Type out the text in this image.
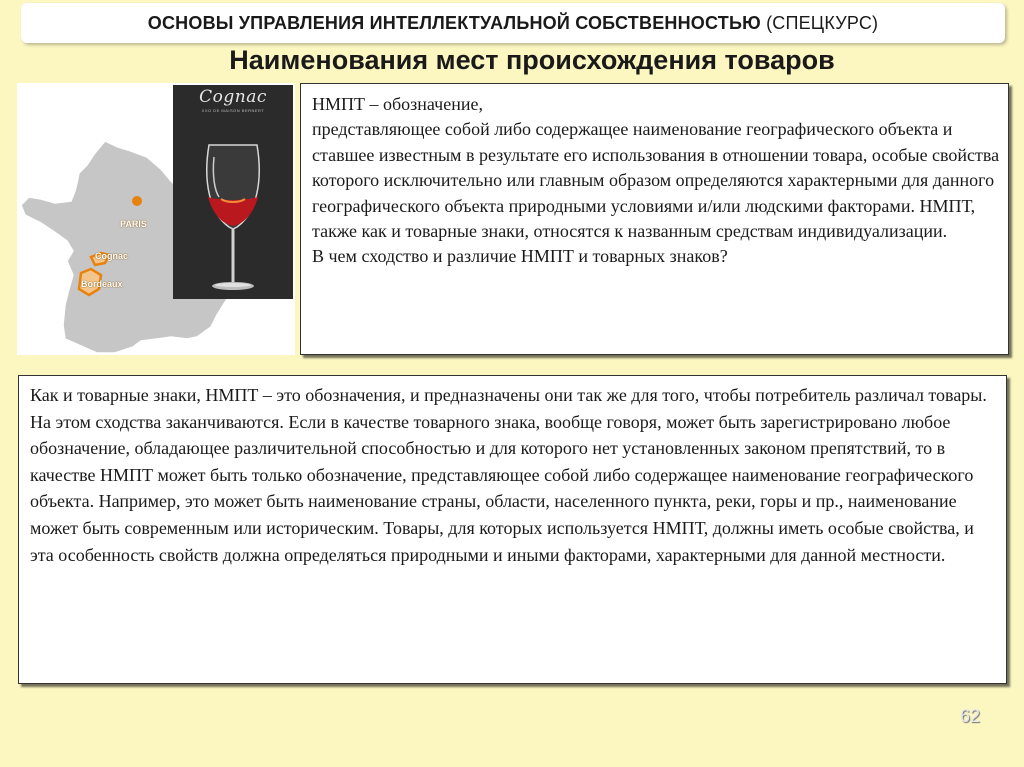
ОСНОВЫ УПРАВЛЕНИЯ ИНТЕЛЛЕКТУАЛЬНОЙ СОБСТВЕННОСТЬЮ (СПЕЦКУРС)
Наименования мест происхождения товаров
PARIS
Cognac
Bordeaux
Cognac
XXO DE MAISON BERNERT	НМПТ – обозначение,

представляющее собой либо содержащее наименование географического объекта и ставшее известным в результате его использования в отношении товара, особые свойства которого исключительно или главным образом определяются характерными для данного географического объекта природными условиями и/или людскими факторами. НМПТ, также как и товарные знаки, относятся к названным средствам индивидуализации.

В чем сходство и различие НМПТ и товарных знаков?

Как и товарные знаки, НМПТ – это обозначения, и предназначены они так же для того, чтобы потребитель различал товары. На этом сходства заканчиваются. Если в качестве товарного знака, вообще говоря, может быть зарегистрировано любое обозначение, обладающее различительной способностью и для которого нет установленных законом препятствий, то в качестве НМПТ может быть только обозначение, представляющее собой либо содержащее наименование географического объекта. Например, это может быть наименование страны, области, населенного пункта, реки, горы и пр., наименование может быть современным или историческим. Товары, для которых используется НМПТ, должны иметь особые свойства, и эта особенность свойств должна определяться природными и иными факторами, характерными для данной местности.

62
